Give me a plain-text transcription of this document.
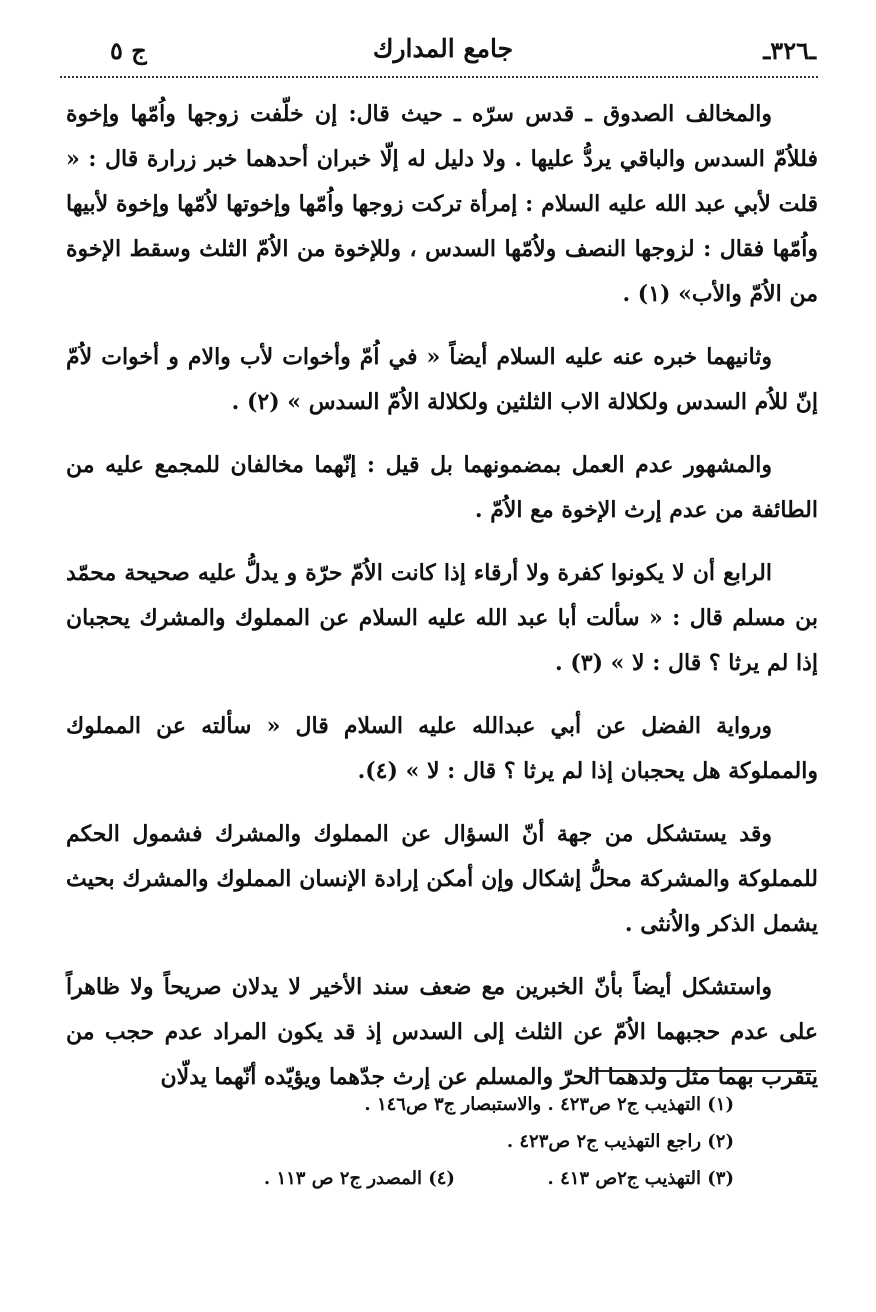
ـ٣٢٦ـ
جامع المدارك
ج ٥

والمخالف الصدوق ـ قدس سرّه ـ حيث قال: إن خلّفت زوجها واُمّها وإخوة فللاُمّ السدس والباقي يردُّ عليها . ولا دليل له إلّا خبران أحدهما خبر زرارة قال : « قلت لأبي عبد الله عليه السلام : إمرأة تركت زوجها واُمّها وإخوتها لاُمّها وإخوة لأبيها واُمّها فقال : لزوجها النصف ولاُمّها السدس ، وللإخوة من الاُمّ الثلث وسقط الإخوة من الاُمّ والأب» (١) .

وثانيهما خبره عنه عليه السلام أيضاً « في اُمّ وأخوات لأب والام و أخوات لاُمّ إنّ للاُم السدس ولكلالة الاب الثلثين ولكلالة الاُمّ السدس » (٢) .

والمشهور عدم العمل بمضمونهما بل قيل : إنّهما مخالفان للمجمع عليه من الطائفة من عدم إرث الإخوة مع الاُمّ .

الرابع أن لا يكونوا كفرة ولا أرقاء إذا كانت الاُمّ حرّة و يدلُّ عليه صحيحة محمّد بن مسلم قال : « سألت أبا عبد الله عليه السلام عن المملوك والمشرك يحجبان إذا لم يرثا ؟ قال : لا » (٣) .

ورواية الفضل عن أبي عبدالله عليه السلام قال « سألته عن المملوك والمملوكة هل يحجبان إذا لم يرثا ؟ قال : لا » (٤).

وقد يستشكل من جهة أنّ السؤال عن المملوك والمشرك فشمول الحكم للمملوكة والمشركة محلُّ إشكال وإن أمكن إرادة الإنسان المملوك والمشرك بحيث يشمل الذكر والاُنثى .

واستشكل أيضاً بأنّ الخبرين مع ضعف سند الأخير لا يدلان صريحاً ولا ظاهراً على عدم حجبهما الاُمّ عن الثلث إلى السدس إذ قد يكون المراد عدم حجب من يتقرب بهما مثل ولدهما الحرّ والمسلم عن إرث جدّهما ويؤيّده أنّهما يدلّان

(١) التهذيب ج٢ ص٤٢٣ . والاستبصار ج٣ ص١٤٦ .
(٢) راجع التهذيب ج٢ ص٤٢٣ .
(٣) التهذيب ج٢ص ٤١٣ .  (٤) المصدر ج٢ ص ١١٣ .
